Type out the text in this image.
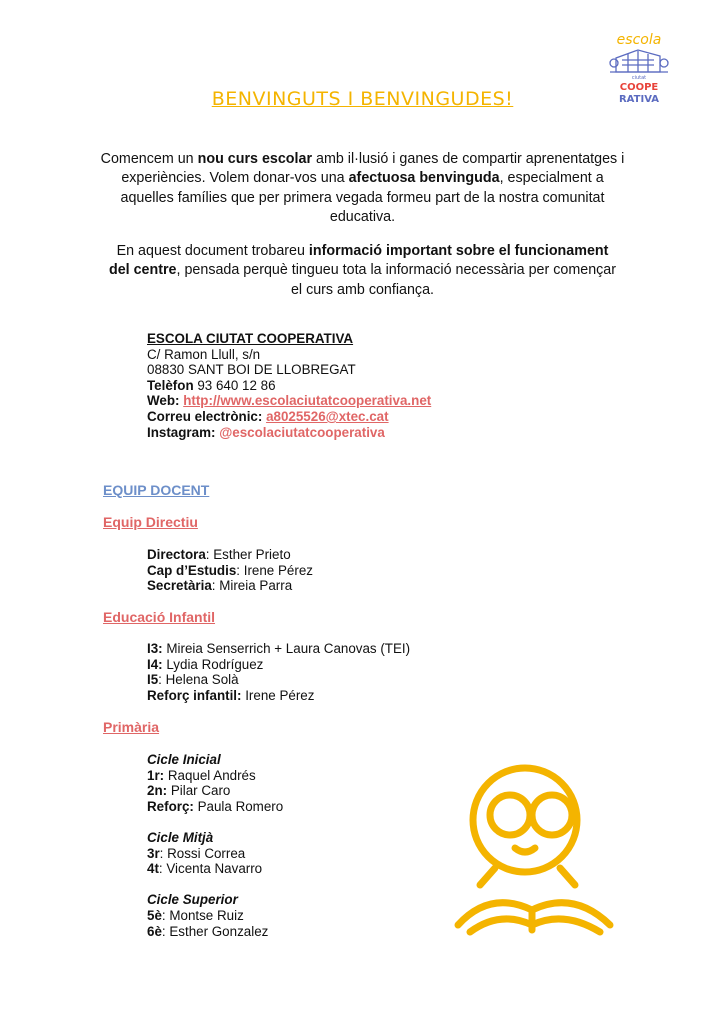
escola
ciutat
COOPE
RATIVA
BENVINGUTS I BENVINGUDES!
Comencem un nou curs escolar amb il·lusió i ganes de compartir aprenentatges i experiències. Volem donar-vos una afectuosa benvinguda, especialment a aquelles famílies que per primera vegada formeu part de la nostra comunitat educativa.
En aquest document trobareu informació important sobre el funcionament del centre, pensada perquè tingueu tota la informació necessària per començar el curs amb confiança.
ESCOLA CIUTAT COOPERATIVA
C/ Ramon Llull, s/n
08830 SANT BOI DE LLOBREGAT
Telèfon 93 640 12 86
Web: http://www.escolaciutatcooperativa.net
Correu electrònic: a8025526@xtec.cat
Instagram: @escolaciutatcooperativa
EQUIP DOCENT
Equip Directiu
Directora: Esther Prieto
Cap d’Estudis: Irene Pérez
Secretària: Mireia Parra
Educació Infantil
I3: Mireia Senserrich + Laura Canovas (TEI)
I4: Lydia Rodríguez
I5: Helena Solà
Reforç infantil: Irene Pérez
Primària
Cicle Inicial
1r: Raquel Andrés
2n: Pilar Caro
Reforç: Paula Romero
Cicle Mitjà
3r: Rossi Correa
4t: Vicenta Navarro
Cicle Superior
5è: Montse Ruiz
6è: Esther Gonzalez
